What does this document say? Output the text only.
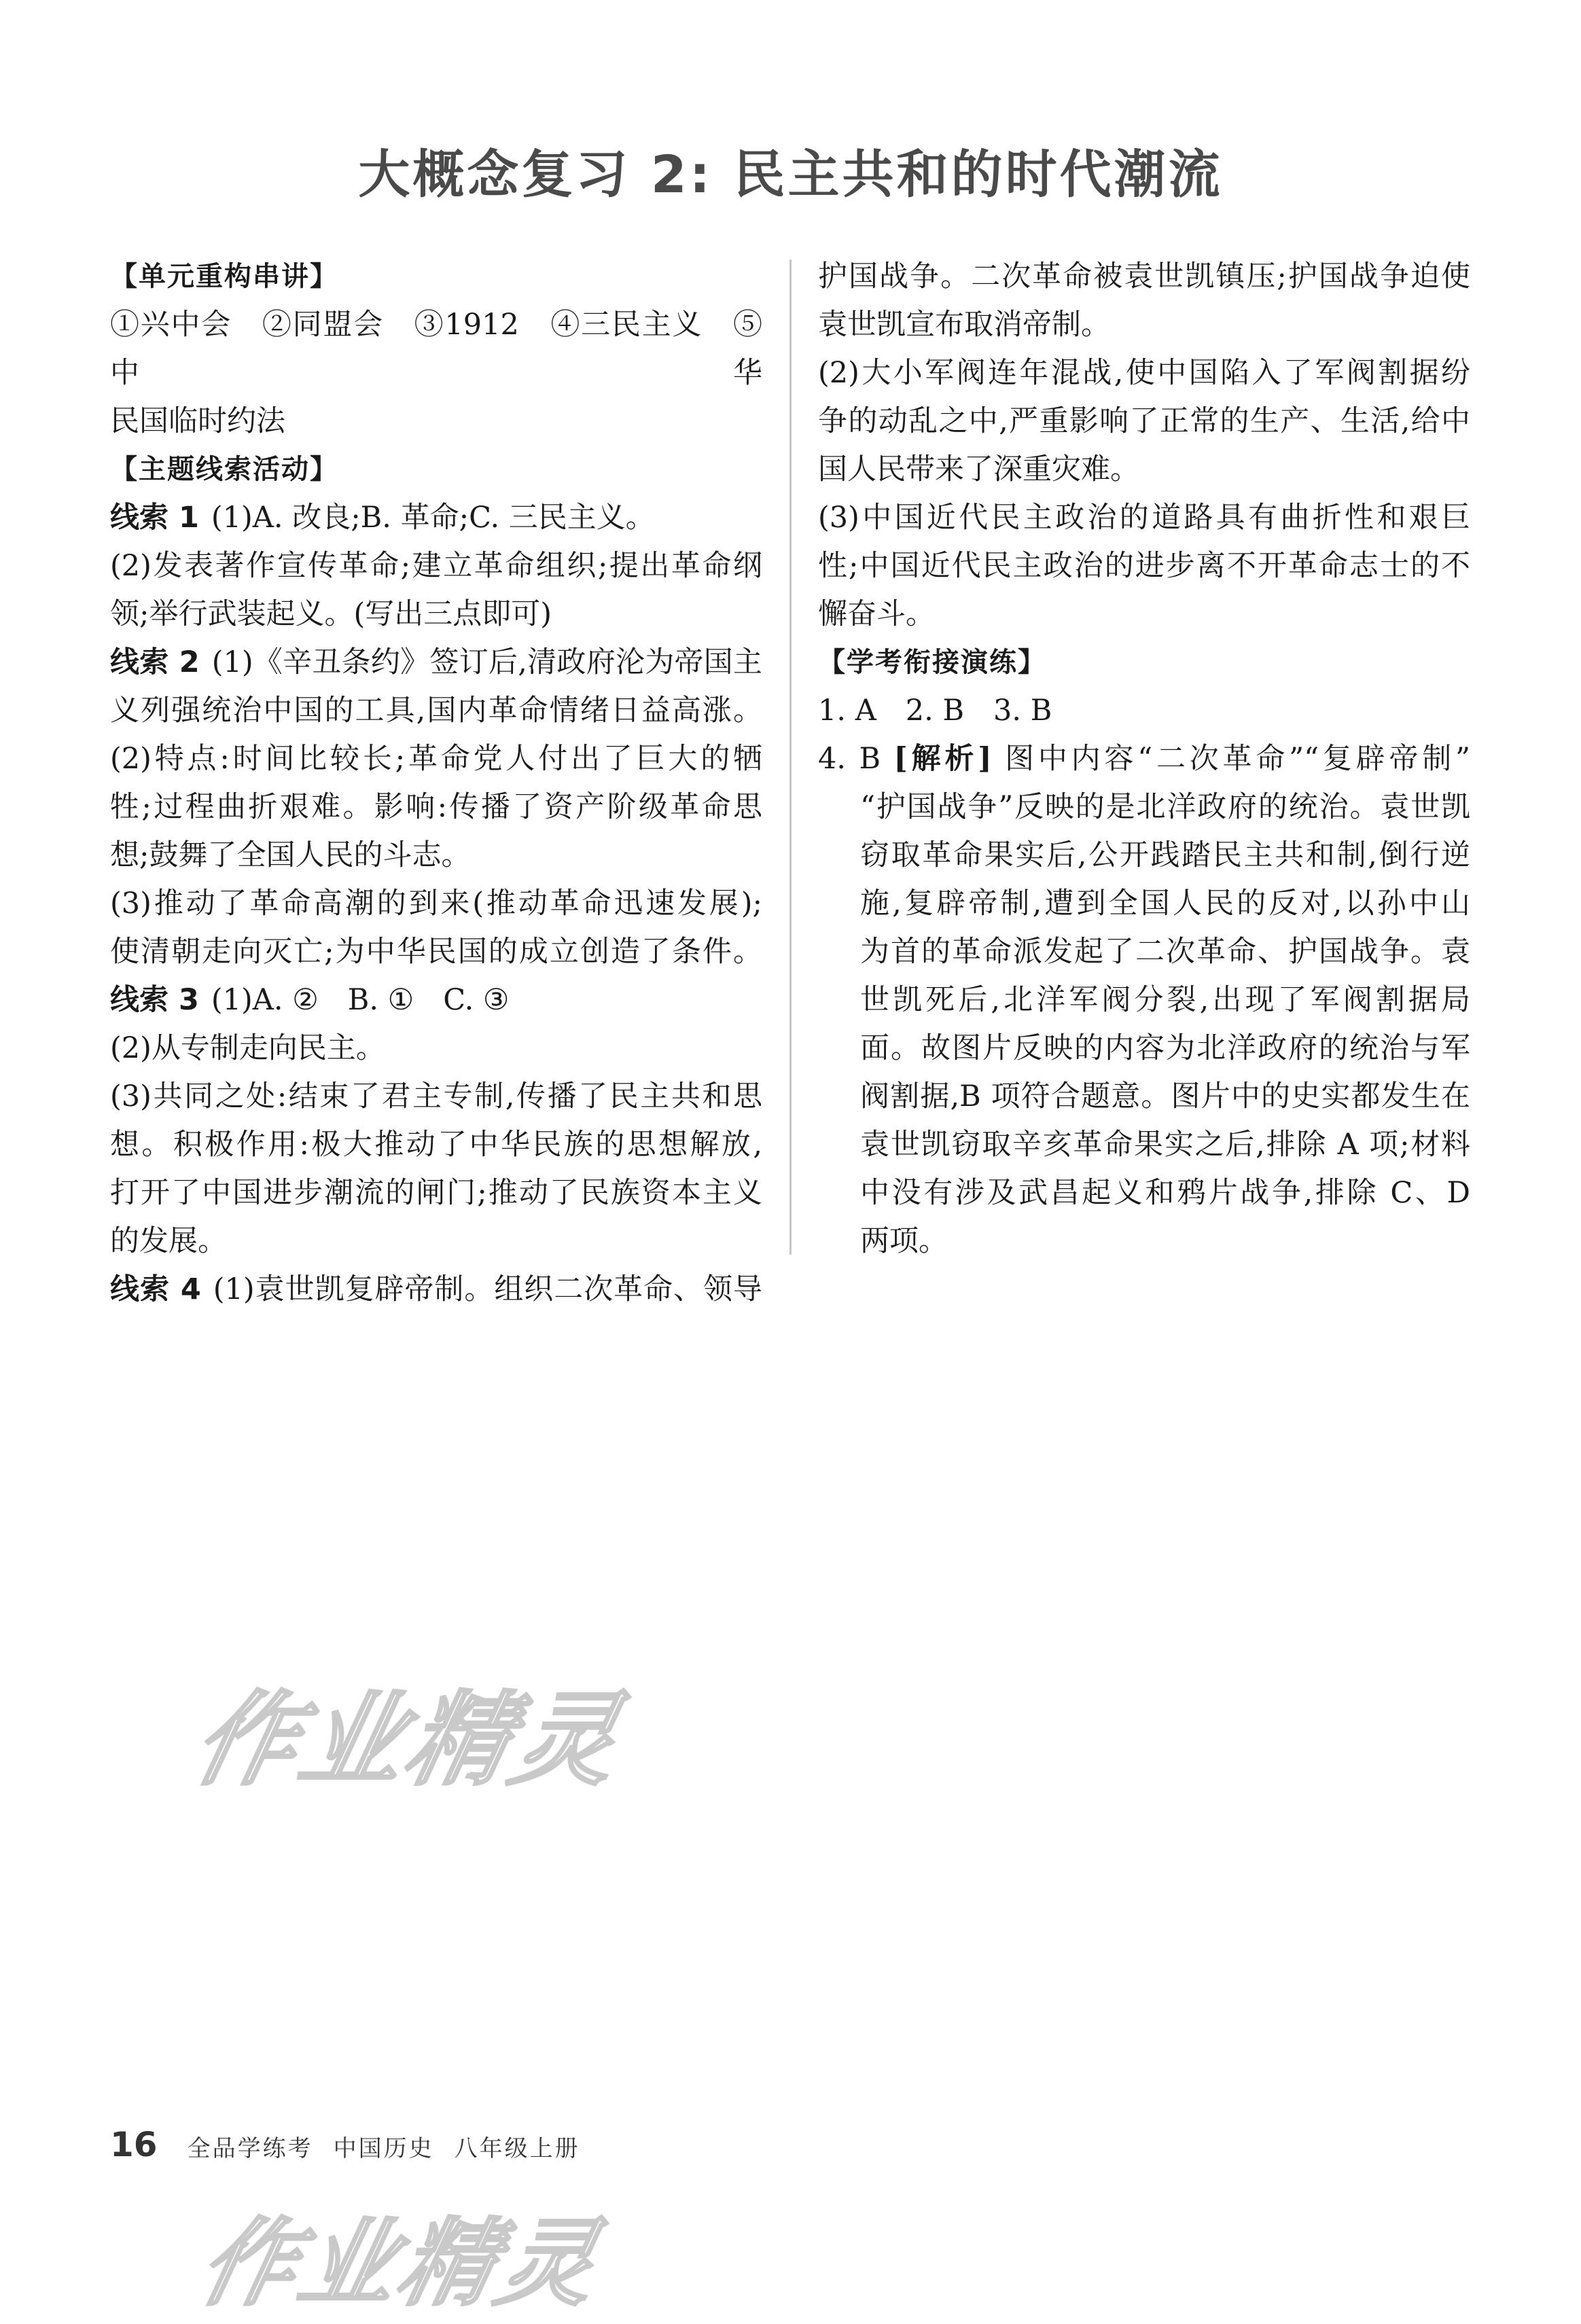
大概念复习 2: 民主共和的时代潮流
【单元重构串讲】
①兴中会　②同盟会　③1912　④三民主义　⑤中华
民国临时约法
【主题线索活动】
线索 1 (1)A. 改良;B. 革命;C. 三民主义。
(2)发表著作宣传革命;建立革命组织;提出革命纲
领;举行武装起义。(写出三点即可)
线索 2 (1)《辛丑条约》签订后,清政府沦为帝国主
义列强统治中国的工具,国内革命情绪日益高涨。
(2)特点:时间比较长;革命党人付出了巨大的牺
牲;过程曲折艰难。影响:传播了资产阶级革命思
想;鼓舞了全国人民的斗志。
(3)推动了革命高潮的到来(推动革命迅速发展);
使清朝走向灭亡;为中华民国的成立创造了条件。
线索 3 (1)A. ②　B. ①　C. ③
(2)从专制走向民主。
(3)共同之处:结束了君主专制,传播了民主共和思
想。积极作用:极大推动了中华民族的思想解放,
打开了中国进步潮流的闸门;推动了民族资本主义
的发展。
线索 4 (1)袁世凯复辟帝制。组织二次革命、领导
护国战争。二次革命被袁世凯镇压;护国战争迫使
袁世凯宣布取消帝制。
(2)大小军阀连年混战,使中国陷入了军阀割据纷
争的动乱之中,严重影响了正常的生产、生活,给中
国人民带来了深重灾难。
(3)中国近代民主政治的道路具有曲折性和艰巨
性;中国近代民主政治的进步离不开革命志士的不
懈奋斗。
【学考衔接演练】
1. A　2. B　3. B
4. B [解析] 图中内容“二次革命”“复辟帝制”
“护国战争”反映的是北洋政府的统治。袁世凯
窃取革命果实后,公开践踏民主共和制,倒行逆
施,复辟帝制,遭到全国人民的反对,以孙中山
为首的革命派发起了二次革命、护国战争。袁
世凯死后,北洋军阀分裂,出现了军阀割据局
面。故图片反映的内容为北洋政府的统治与军
阀割据,B 项符合题意。图片中的史实都发生在
袁世凯窃取辛亥革命果实之后,排除 A 项;材料
中没有涉及武昌起义和鸦片战争,排除 C、D
两项。
作业精灵
16 全品学练考 中国历史 八年级上册
作业精灵
